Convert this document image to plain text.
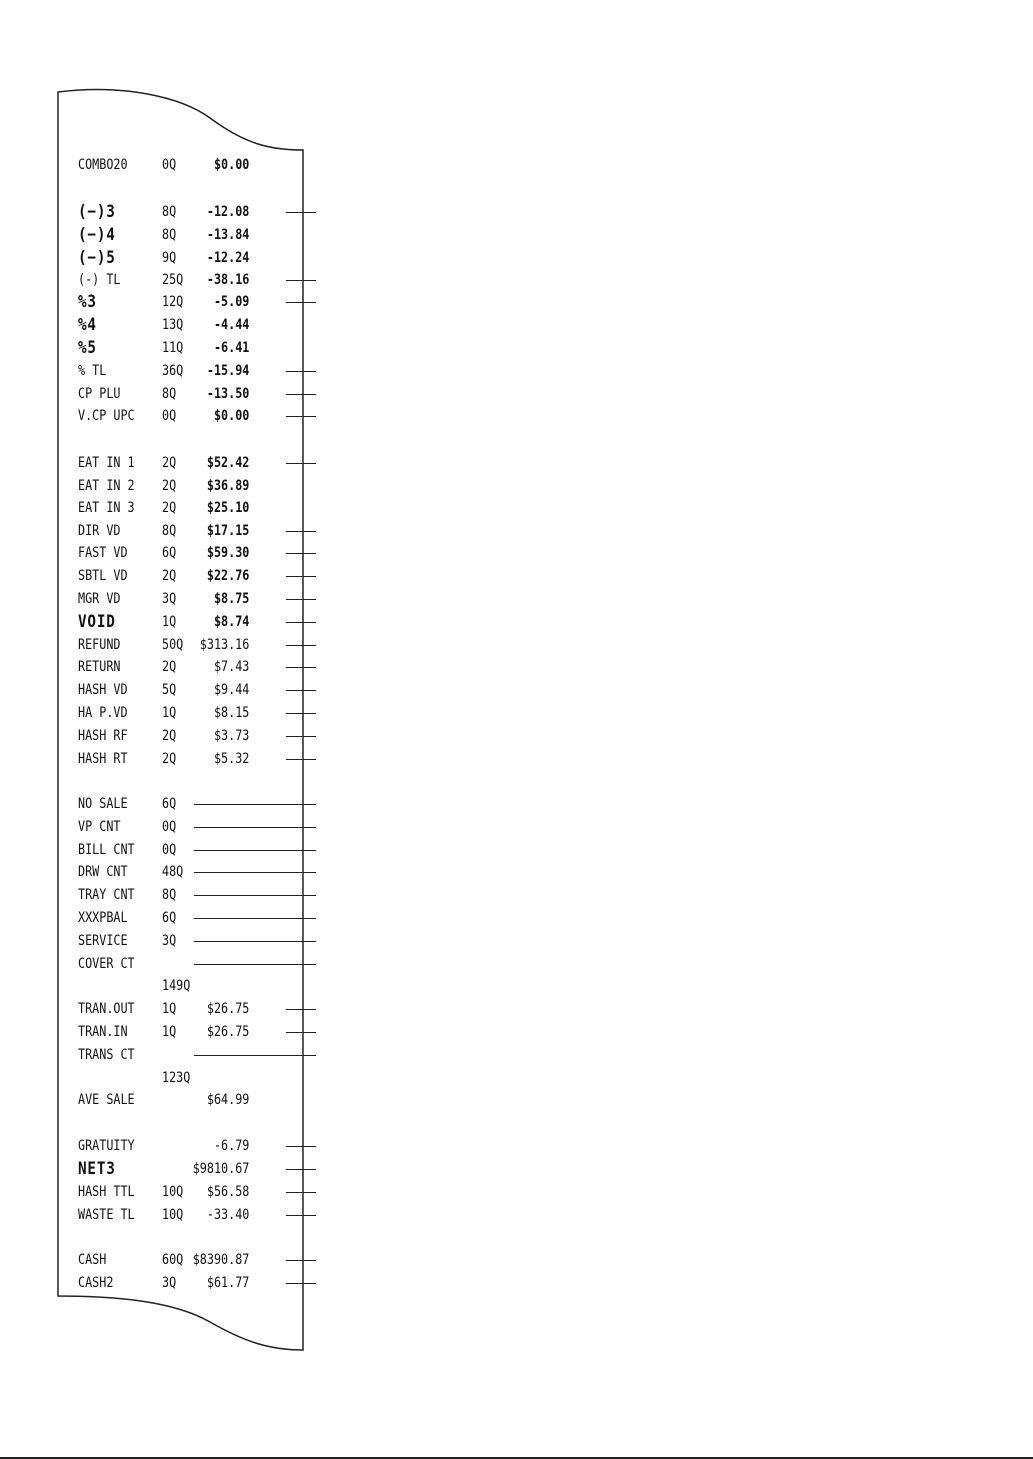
COMBO20 0Q	$0.00
(−)3	8Q -12.08
(−)4	8Q -13.84
(−)5	9Q -12.24
(-) TL	25Q -38.16
%3	12Q -5.09
%4	13Q -4.44
%5	11Q -6.41
% TL	36Q -15.94
CP PLU	8Q -13.50
V.CP UPC 0Q	$0.00
EAT IN 1 2Q $52.42
EAT IN 2 2Q $36.89
EAT IN 3 2Q $25.10
DIR VD	8Q $17.15
FAST VD 6Q $59.30
SBTL VD 2Q $22.76
MGR VD	3Q	$8.75
VOID	1Q	$8.74
REFUND	50Q $313.16
RETURN	2Q	$7.43
HASH VD 5Q	$9.44
HA P.VD 1Q	$8.15
HASH RF 2Q	$3.73
HASH RT 2Q	$5.32
NO SALE 6Q
VP CNT	0Q
BILL CNT 0Q
DRW CNT 48Q
TRAY CNT 8Q
XXXPBAL 6Q
SERVICE 3Q
COVER CT
149Q
TRAN.OUT 1Q $26.75
TRAN.IN 1Q $26.75
TRANS CT
123Q
AVE SALE	$64.99
GRATUITY	-6.79
NET3	$9810.67
HASH TTL 10Q $56.58
WASTE TL 10Q -33.40
CASH	60Q $8390.87
CASH2	3Q $61.77
